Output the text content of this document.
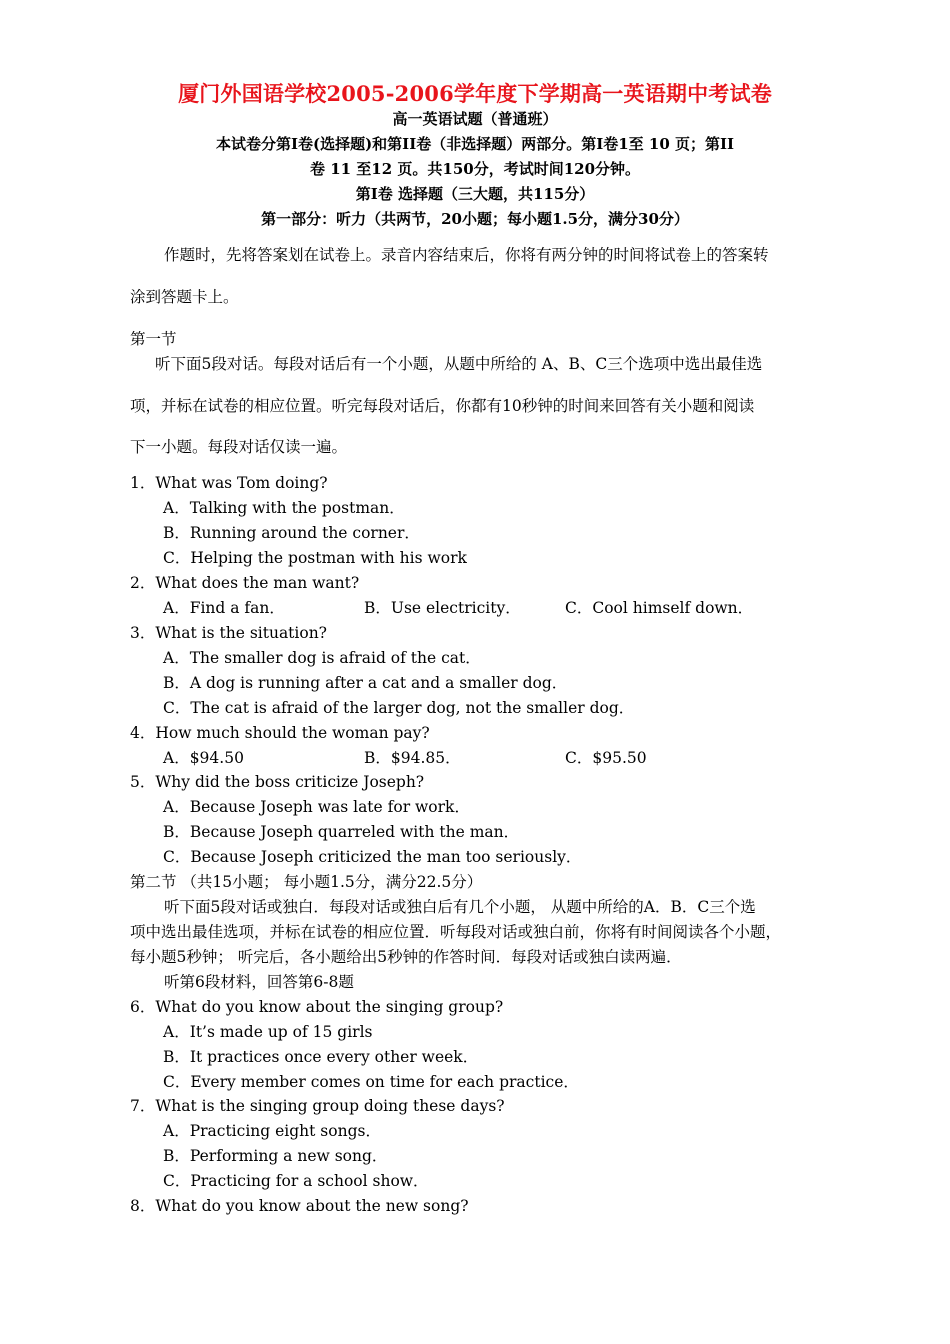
厦门外国语学校2005-2006学年度下学期高一英语期中考试卷
高一英语试题（普通班）
本试卷分第Ⅰ卷(选择题)和第II卷（非选择题）两部分。第Ⅰ卷1至 10 页；第II
卷 11 至12 页。共150分，考试时间120分钟。
第Ⅰ卷 选择题（三大题，共115分）
第一部分：听力（共两节，20小题；每小题1.5分，满分30分）
作题时，先将答案划在试卷上。录音内容结束后，你将有两分钟的时间将试卷上的答案转
涂到答题卡上。
第一节
听下面5段对话。每段对话后有一个小题，从题中所给的 A、B、C三个选项中选出最佳选
项，并标在试卷的相应位置。听完每段对话后，你都有10秒钟的时间来回答有关小题和阅读
下一小题。每段对话仅读一遍。
1．What was Tom doing?
A．Talking with the postman．
B．Running around the corner．
C．Helping the postman with his work
2．What does the man want?
A．Find a fan．	B．Use electricity．	C．Cool himself down．
3．What is the situation?
A．The smaller dog is afraid of the cat．
B．A dog is running after a cat and a smaller dog．
C．The cat is afraid of the larger dog, not the smaller dog．
4．How much should the woman pay?
A．$94.50	B．$94.85．	C．$95.50
5．Why did the boss criticize Joseph?
A．Because Joseph was late for work．
B．Because Joseph quarreled with the man．
C．Because Joseph criticized the man too seriously．
第二节 （共15小题； 每小题1.5分，满分22.5分）
听下面5段对话或独白．每段对话或独白后有几个小题， 从题中所给的A．B．C三个选
项中选出最佳选项，并标在试卷的相应位置．听每段对话或独白前，你将有时间阅读各个小题，
每小题5秒钟； 听完后，各小题给出5秒钟的作答时间．每段对话或独白读两遍．
听第6段材料，回答第6-8题
6．What do you know about the singing group?
A．It’s made up of 15 girls
B．It practices once every other week．
C．Every member comes on time for each practice．
7．What is the singing group doing these days?
A．Practicing eight songs．
B．Performing a new song．
C．Practicing for a school show．
8．What do you know about the new song?
